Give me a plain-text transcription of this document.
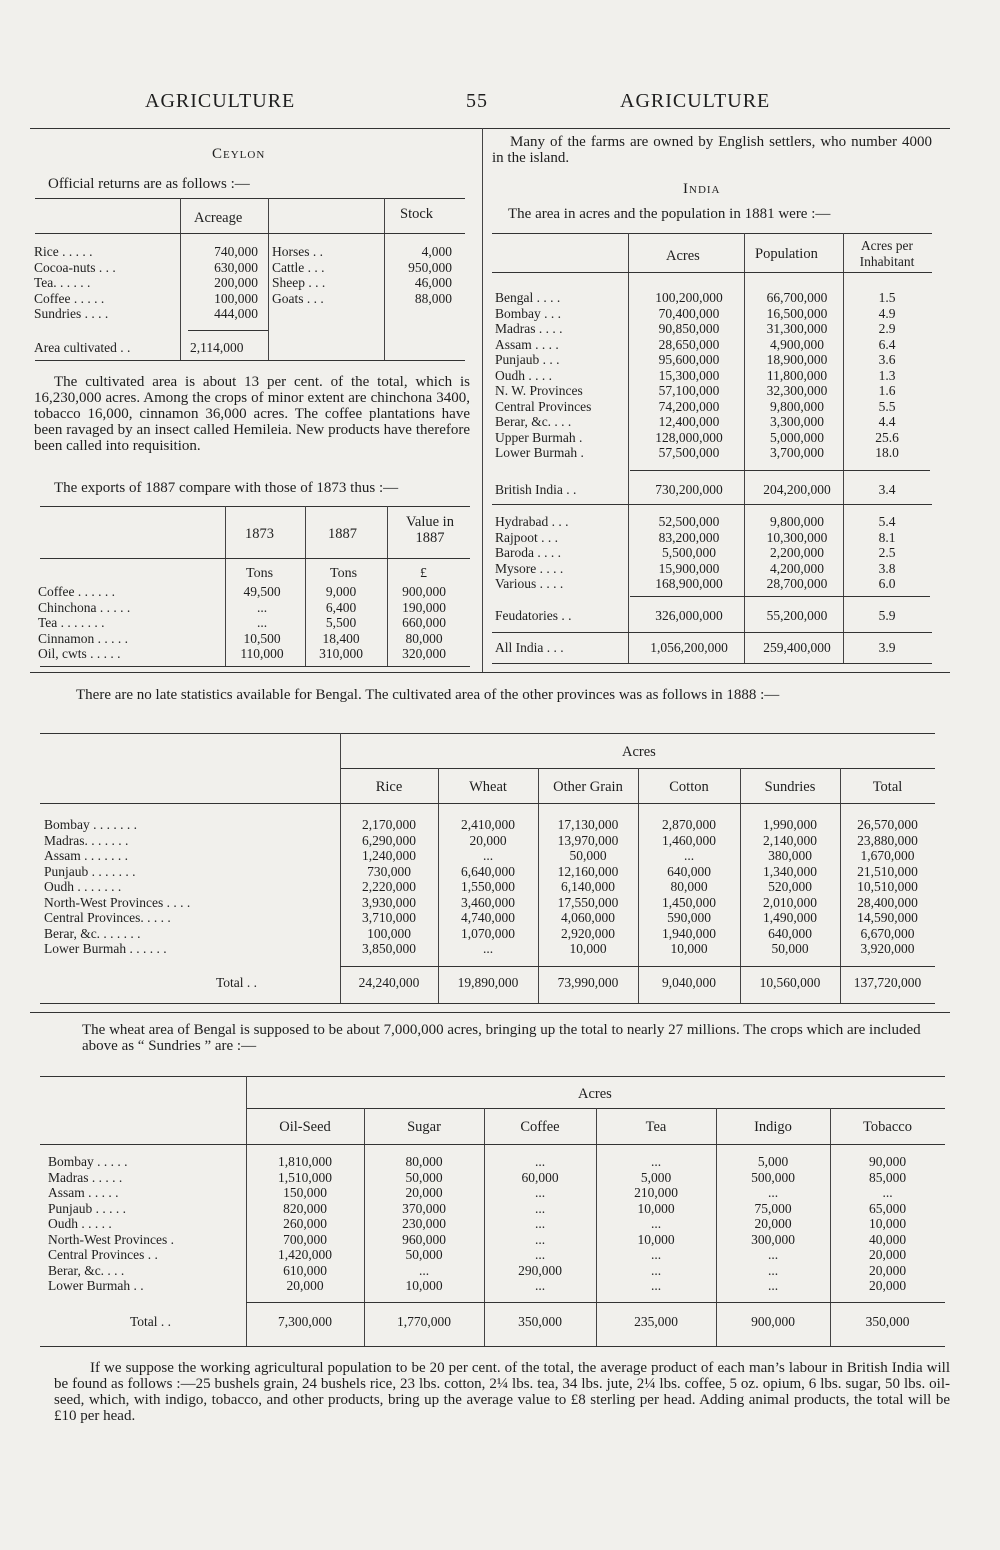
AGRICULTURE	55	AGRICULTURE
Ceylon
Official returns are as follows :—
Acreage	Stock
Rice . . . . .	740,000
Cocoa-nuts . . .	630,000
Tea. . . . . .	200,000
Coffee . . . . .	100,000
Sundries . . . .	444,000
Horses . .	4,000
Cattle . . .	950,000
Sheep . . .	46,000
Goats . . .	88,000
Area cultivated . .	2,114,000
The cultivated area is about 13 per cent. of the total, which is 16,230,000 acres. Among the crops of minor extent are chinchona 3400, tobacco 16,000, cinnamon 36,000 acres. The coffee plantations have been ravaged by an insect called Hemileia. New products have therefore been called into requisition.
The exports of 1887 compare with those of 1873 thus :—
1873	1887
Value in 1887
Tons	Tons	£
Coffee . . . . . .	49,500	9,000	900,000
Chinchona . . . . .	...	6,400	190,000
Tea . . . . . . .	...	5,500	660,000
Cinnamon . . . . .	10,500	18,400	80,000
Oil, cwts . . . . .	110,000	310,000	320,000
Many of the farms are owned by English settlers, who number 4000 in the island.
India
The area in acres and the population in 1881 were :—
Acres	Population
Acres per Inhabitant
Bengal . . . .	100,200,000	66,700,000	1.5
Bombay . . .	70,400,000	16,500,000	4.9
Madras . . . .	90,850,000	31,300,000	2.9
Assam . . . .	28,650,000	4,900,000	6.4
Punjaub . . .	95,600,000	18,900,000	3.6
Oudh . . . .	15,300,000	11,800,000	1.3
N. W. Provinces	57,100,000	32,300,000	1.6
Central Provinces	74,200,000	9,800,000	5.5
Berar, &c. . . .	12,400,000	3,300,000	4.4
Upper Burmah .	128,000,000	5,000,000	25.6
Lower Burmah .	57,500,000	3,700,000	18.0
British India . .	730,200,000	204,200,000	3.4
Hydrabad . . .	52,500,000	9,800,000	5.4
Rajpoot . . .	83,200,000	10,300,000	8.1
Baroda . . . .	5,500,000	2,200,000	2.5
Mysore . . . .	15,900,000	4,200,000	3.8
Various . . . .	168,900,000	28,700,000	6.0
Feudatories . .	326,000,000	55,200,000	5.9
All India . . .	1,056,200,000	259,400,000	3.9
There are no late statistics available for Bengal. The cultivated area of the other provinces was as follows in 1888 :—
Acres
Rice	Wheat	Other Grain	Cotton	Sundries	Total
Bombay . . . . . . .	2,170,000	2,410,000	17,130,000	2,870,000	1,990,000	26,570,000
Madras. . . . . . .	6,290,000	20,000	13,970,000	1,460,000	2,140,000	23,880,000
Assam . . . . . . .	1,240,000	...	50,000	...	380,000	1,670,000
Punjaub . . . . . . .	730,000	6,640,000	12,160,000	640,000	1,340,000	21,510,000
Oudh . . . . . . .	2,220,000	1,550,000	6,140,000	80,000	520,000	10,510,000
North-West Provinces . . . .	3,930,000	3,460,000	17,550,000	1,450,000	2,010,000	28,400,000
Central Provinces. . . . .	3,710,000	4,740,000	4,060,000	590,000	1,490,000	14,590,000
Berar, &c. . . . . . .	100,000	1,070,000	2,920,000	1,940,000	640,000	6,670,000
Lower Burmah . . . . . .	3,850,000	...	10,000	10,000	50,000	3,920,000
Total . .	24,240,000	19,890,000	73,990,000	9,040,000	10,560,000	137,720,000
The wheat area of Bengal is supposed to be about 7,000,000 acres, bringing up the total to nearly 27 millions. The crops which are included above as “ Sundries ” are :—
Acres
Oil-Seed	Sugar	Coffee	Tea	Indigo	Tobacco
Bombay . . . . .	1,810,000	80,000	...	...	5,000	90,000
Madras . . . . .	1,510,000	50,000	60,000	5,000	500,000	85,000
Assam . . . . .	150,000	20,000	...	210,000	...	...
Punjaub . . . . .	820,000	370,000	...	10,000	75,000	65,000
Oudh . . . . .	260,000	230,000	...	...	20,000	10,000
North-West Provinces .	700,000	960,000	...	10,000	300,000	40,000
Central Provinces . .	1,420,000	50,000	...	...	...	20,000
Berar, &c. . . .	610,000	...	290,000	...	...	20,000
Lower Burmah . .	20,000	10,000	...	...	...	20,000
Total . .	7,300,000	1,770,000	350,000	235,000	900,000	350,000
If we suppose the working agricultural population to be 20 per cent. of the total, the average product of each man’s labour in British India will be found as follows :—25 bushels grain, 24 bushels rice, 23 lbs. cotton, 2¼ lbs. tea, 34 lbs. jute, 2¼ lbs. coffee, 5 oz. opium, 6 lbs. sugar, 50 lbs. oil-seed, which, with indigo, tobacco, and other products, bring up the average value to £8 sterling per head. Adding animal products, the total will be £10 per head.
